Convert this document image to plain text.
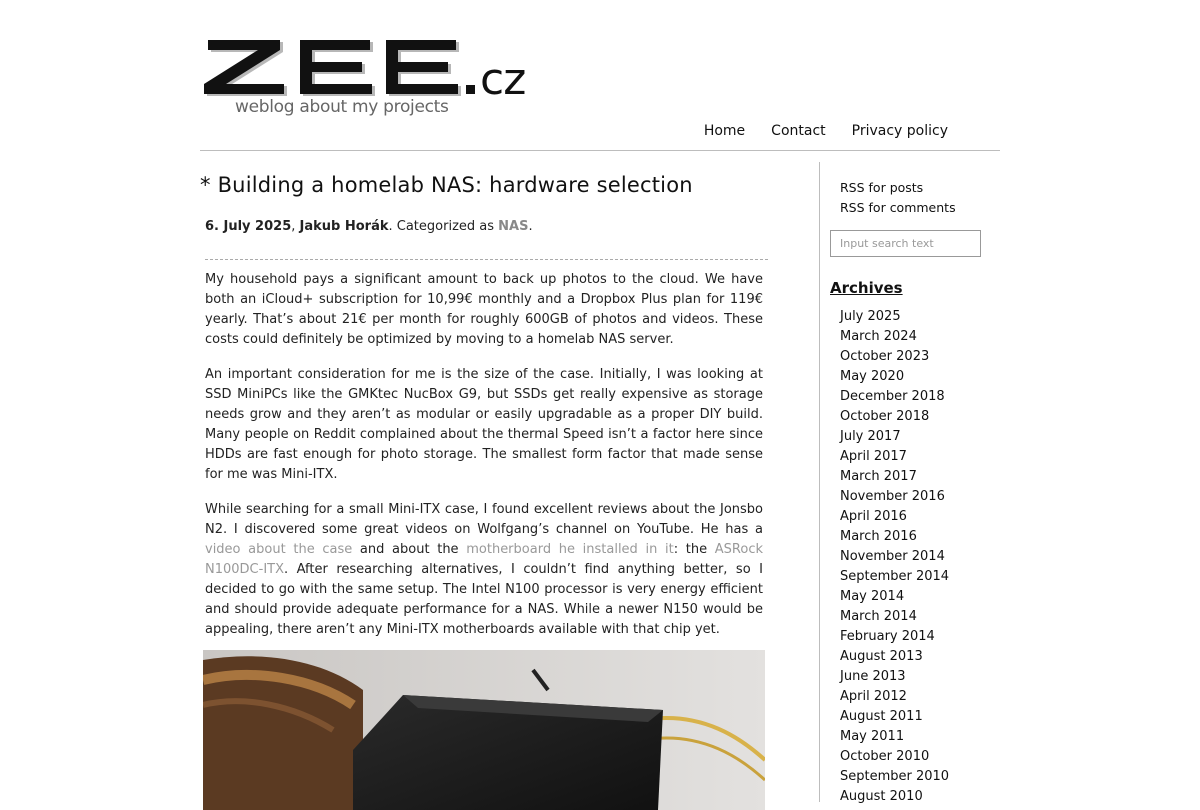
cz
weblog about my projects
Home Contact Privacy policy
* Building a homelab NAS: hardware selection
6. July 2025, Jakub Horák. Categorized as NAS.

My household pays a significant amount to back up photos to the cloud. We have both an iCloud+ subscription for 10,99€ monthly and a Dropbox Plus plan for 119€ yearly. That’s about 21€ per month for roughly 600GB of photos and videos. These costs could definitely be optimized by moving to a homelab NAS server.

An important consideration for me is the size of the case. Initially, I was looking at SSD MiniPCs like the GMKtec NucBox G9, but SSDs get really expensive as storage needs grow and they aren’t as modular or easily upgradable as a proper DIY build. Many people on Reddit complained about the thermal Speed isn’t a factor here since HDDs are fast enough for photo storage. The smallest form factor that made sense for me was Mini-ITX.

While searching for a small Mini-ITX case, I found excellent reviews about the Jonsbo N2. I discovered some great videos on Wolfgang’s channel on YouTube. He has a video about the case and about the motherboard he installed in it: the ASRock N100DC-ITX. After researching alternatives, I couldn’t find anything better, so I decided to go with the same setup. The Intel N100 processor is very energy efficient and should provide adequate performance for a NAS. While a newer N150 would be appealing, there aren’t any Mini-ITX motherboards available with that chip yet.

RSS for posts
RSS for comments
Input search text
Archives
July 2025
March 2024
October 2023
May 2020
December 2018
October 2018
July 2017
April 2017
March 2017
November 2016
April 2016
March 2016
November 2014
September 2014
May 2014
March 2014
February 2014
August 2013
June 2013
April 2012
August 2011
May 2011
October 2010
September 2010
August 2010
